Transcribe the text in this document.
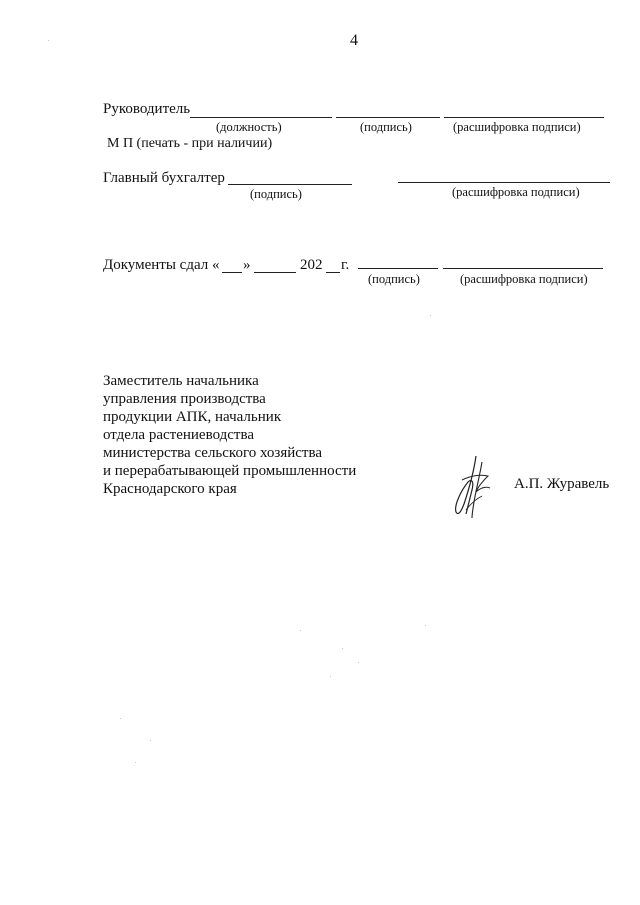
4
Руководитель
(должность)	(подпись)	(расшифровка подписи)
М П (печать - при наличии)
Главный бухгалтер
(подпись)	(расшифровка подписи)
Документы сдал « »	202 г.
(подпись)	(расшифровка подписи)
Заместитель начальника
управления производства
продукции АПК, начальник
отдела растениеводства
министерства сельского хозяйства
и перерабатывающей промышленности
Краснодарского края	А.П. Журавель
